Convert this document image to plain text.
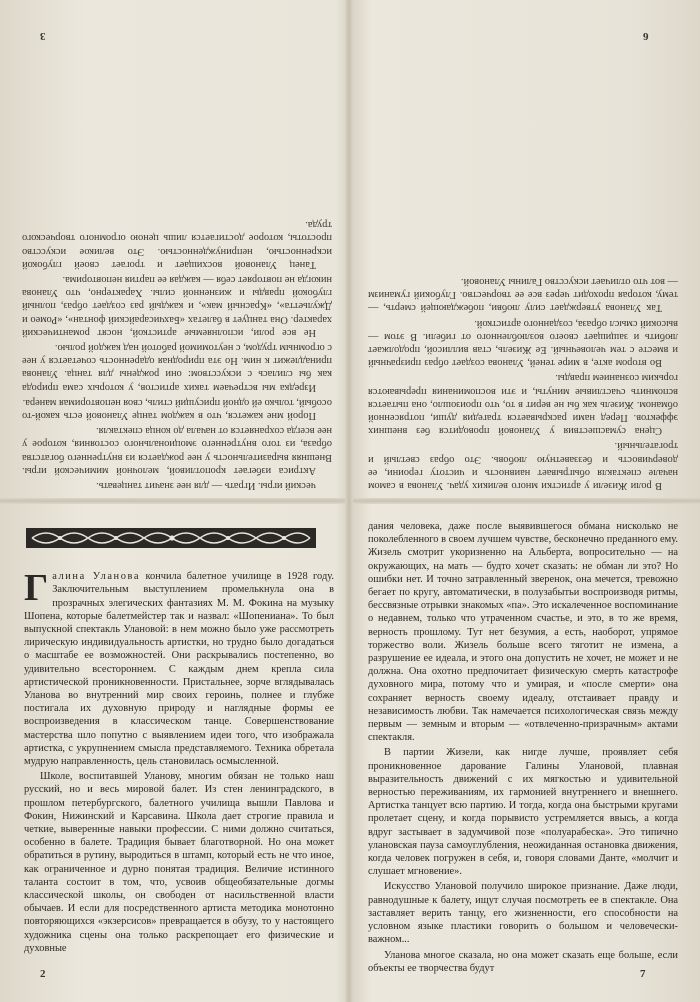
ческий игры. Играть — для нее значит танцевать.

Актриса избегает кропотливой, мелочной мимической игры. Внешняя выразительность у нее рождается из внутреннего богатства образа, из того внутреннего эмоционального состояния, которое у нее всегда сохраняется от начала до конца спектакля.

Порой мне кажется, что в каждом танце Улановой есть какой-то особый, только ей одной присущий стиль, своя неповторимая манера.

Изредка мы встречаем таких артистов, у которых сама природа как бы слилась с искусством: они рождены для танца. Уланова принадлежит к ним. Но эта природная одаренность сочетается у нее с огромным трудом, с неутомимой работой над каждой ролью.

Не все роли, исполняемые артисткой, носят романтический характер. Она танцует в балетах «Бахчисарайский фонтан», «Ромео и Джульетта», «Красный мак», и каждый раз создает образ, полный глубокой правды и жизненной силы. Характерно, что Уланова никогда не повторяет себя — каждая ее партия неповторима.

Танец Улановой восхищает и трогает своей глубокой искренностью, непринужденностью. Это великое искусство простоты, которое достигается лишь ценою огромного творческого труда.

3

В роли Жизели у артистки много великих удач. Уланова в самом начале спектакля обыгрывает наивность и чистоту героини, ее доверчивость и беззаветную любовь. Это образ светлый и трогательный.

Сцена сумасшествия у Улановой проводится без внешних эффектов. Перед нами раскрывается трагедия души, потрясенной обманом. Жизель как бы не верит в то, что произошло, она пытается вспомнить счастливые минуты, и эти воспоминания прерываются горьким сознанием правды.

Во втором акте, в мире теней, Уланова создает образ призрачный и вместе с тем человечный. Ее Жизель, став виллисой, продолжает любить и защищает своего возлюбленного от гибели. В этом — высокий смысл образа, созданного артисткой.

Так Уланова утверждает силу любви, побеждающей смерть, — тему, которая проходит через все ее творчество. Глубокий гуманизм — вот что отличает искусство Галины Улановой.

6

Галина Уланова кончила балетное училище в 1928 году. Заключительным выступлением промелькнула она в прозрачных элегических фантазиях М. М. Фокина на музыку Шопена, которые балетмейстер так и назвал: «Шопениана». То был выпускной спектакль Улановой: в нем можно было уже рассмотреть лирическую индивидуальность артистки, но трудно было догадаться о масштабе ее возможностей. Они раскрывались постепенно, во удивительно всестороннем. С каждым днем крепла сила артистической проникновенности. Пристальнее, зорче вглядывалась Уланова во внутренний мир своих героинь, полнее и глубже постигала их духовную природу и наглядные формы ее воспроизведения в классическом танце. Совершенствование мастерства шло попутно с выявлением идеи того, что изображала артистка, с укрупнением смысла представляемого. Техника обретала мудрую направленность, цель становилась осмысленной.

Школе, воспитавшей Уланову, многим обязан не только наш русский, но и весь мировой балет. Из стен ленинградского, в прошлом петербургского, балетного училища вышли Павлова и Фокин, Нижинский и Карсавина. Школа дает строгие правила и четкие, выверенные навыки профессии. С ними должно считаться, особенно в балете. Традиция бывает благотворной. Но она может обратиться в рутину, выродиться в штамп, который есть не что иное, как ограниченное и дурно понятая традиция. Величие истинного таланта состоит в том, что, усвоив общеобязательные догмы классической школы, он свободен от насильственной власти обычаев. И если для посредственного артиста методика монотонно повторяющихся «экзерсисов» превращается в обузу, то у настоящего художника сцены она только раскрепощает его физические и духовные

2

дания человека, даже после выявившегося обмана нисколько не поколебленного в своем лучшем чувстве, бесконечно преданного ему. Жизель смотрит укоризненно на Альберта, вопросительно — на окружающих, на мать — будто хочет сказать: не обман ли это? Но ошибки нет. И точно затравленный зверенок, она мечется, тревожно бегает по кругу, автоматически, в полузабытьи воспроизводя ритмы, бессвязные отрывки знакомых «па». Это искалеченное воспоминание о недавнем, только что утраченном счастье, и это, в то же время, верность прошлому. Тут нет безумия, а есть, наоборот, упрямое торжество воли. Жизель больше всего тяготит не измена, а разрушение ее идеала, и этого она допустить не хочет, не может и не должна. Она охотно предпочитает физическую смерть катастрофе духовного мира, потому что и умирая, и «после смерти» она сохраняет верность своему идеалу, отстаивает правду и независимость любви. Так намечается психологическая связь между первым — земным и вторым — «отвлеченно-призрачным» актами спектакля.

В партии Жизели, как нигде лучше, проявляет себя проникновенное дарование Галины Улановой, плавная выразительность движений с их мягкостью и удивительной верностью переживаниям, их гармонией внутреннего и внешнего. Артистка танцует всю партию. И тогда, когда она быстрыми кругами пролетает сцену, и когда порывисто устремляется ввысь, а когда вдруг застывает в задумчивой позе «полуарабеска». Это типично улановская пауза самоуглубления, неожиданная остановка движения, когда человек погружен в себя, и, говоря словами Данте, «молчит и слушает мгновение».

Искусство Улановой получило широкое признание. Даже люди, равнодушные к балету, ищут случая посмотреть ее в спектакле. Она заставляет верить танцу, его жизненности, его способности на условном языке пластики говорить о большом и человечески-важном...

Уланова многое сказала, но она может сказать еще больше, если объекты ее творчества будут	7
